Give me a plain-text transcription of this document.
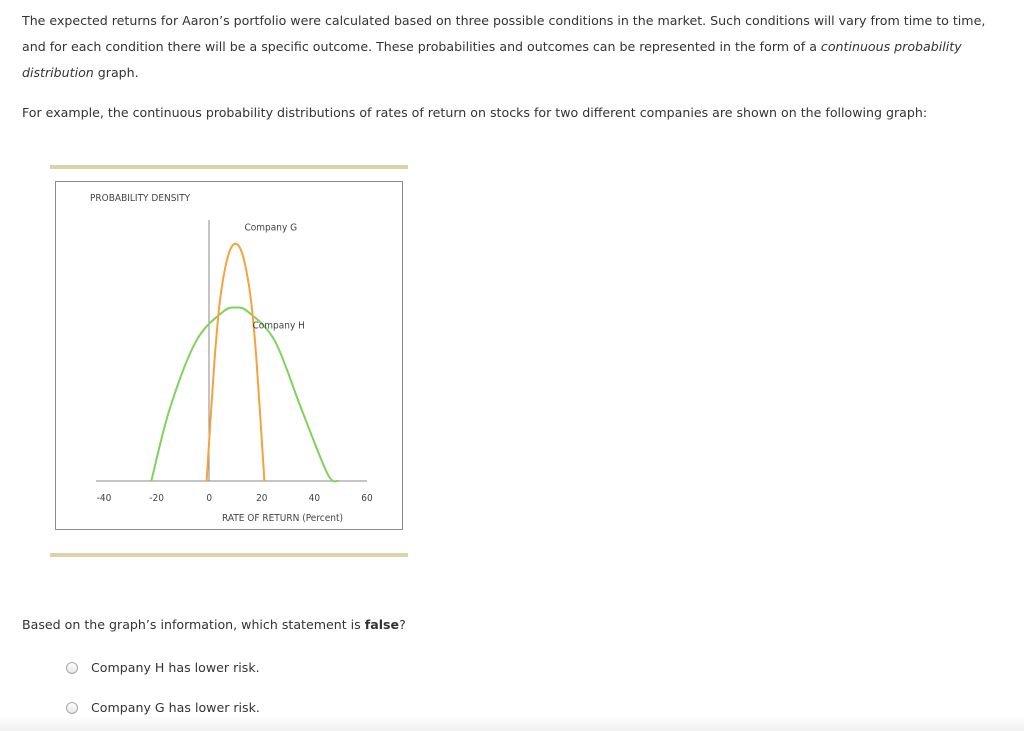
The expected returns for Aaron’s portfolio were calculated based on three possible conditions in the market. Such conditions will vary from time to time, and for each condition there will be a specific outcome. These probabilities and outcomes can be represented in the form of a continuous probability distribution graph.

For example, the continuous probability distributions of rates of return on stocks for two different companies are shown on the following graph:

PROBABILITY DENSITY
Company G
Company H
-40	-20	0	20	40	60
RATE OF RETURN (Percent)

Based on the graph’s information, which statement is false?

Company H has lower risk.
Company G has lower risk.
